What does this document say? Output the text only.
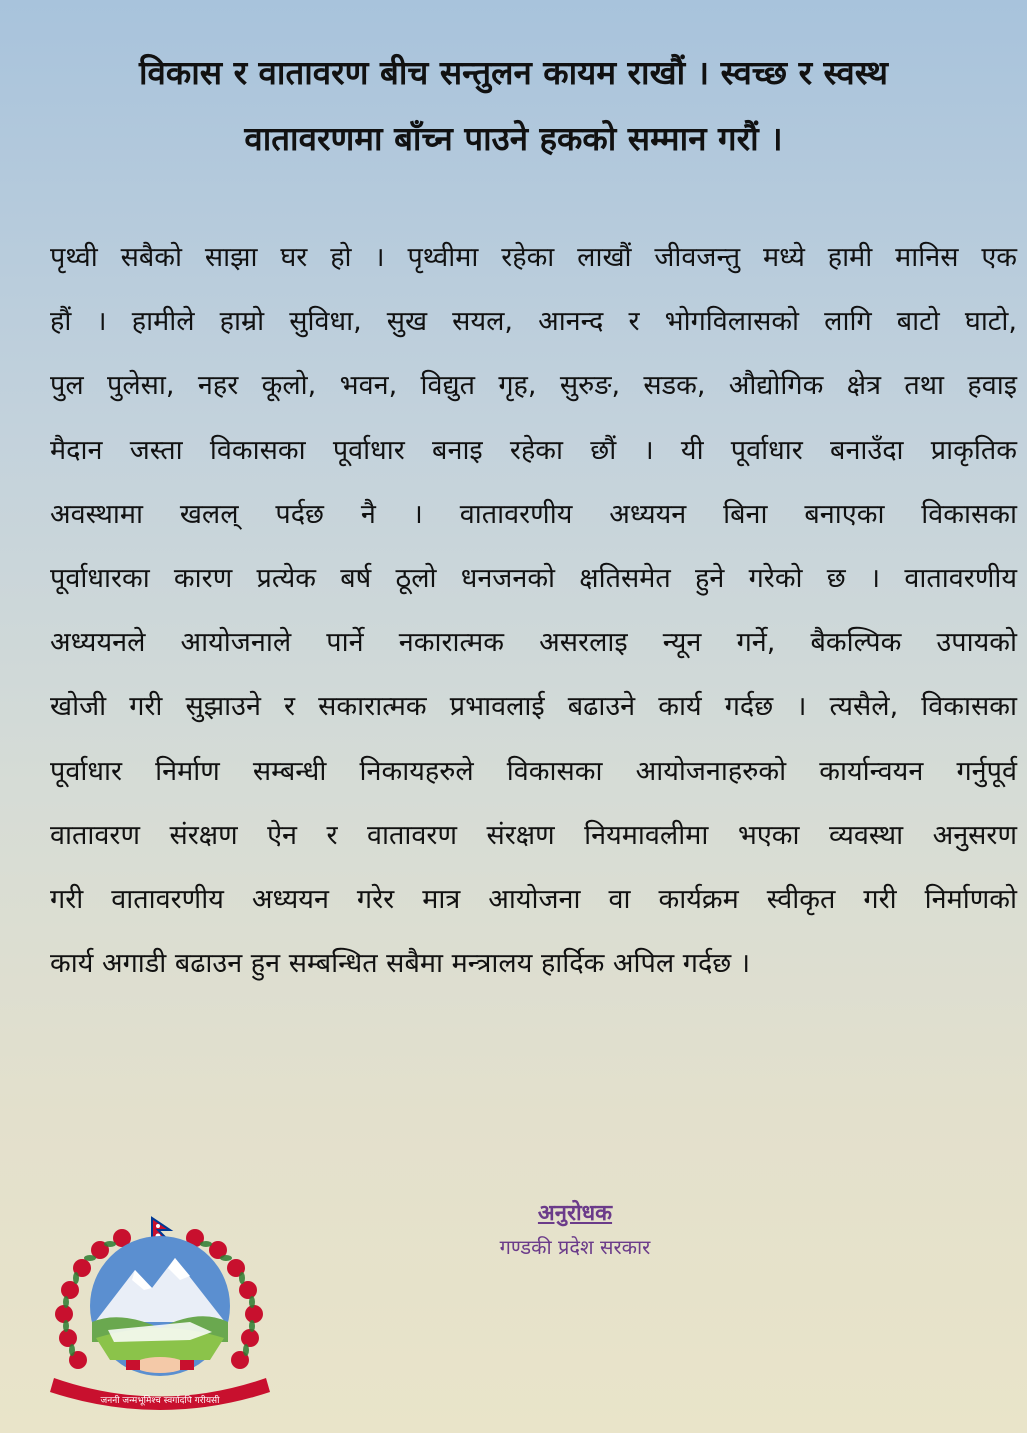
विकास र वातावरण बीच सन्तुलन कायम राखौं । स्वच्छ र स्वस्थ
वातावरणमा बाँच्न पाउने हकको सम्मान गरौं ।
पृथ्वी सबैको साझा घर हो । पृथ्वीमा रहेका लाखौं जीवजन्तु मध्ये हामी मानिस एक
हौं । हामीले हाम्रो सुविधा, सुख सयल, आनन्द र भोगविलासको लागि बाटो घाटो,
पुल पुलेसा, नहर कूलो, भवन, विद्युत गृह, सुरुङ, सडक, औद्योगिक क्षेत्र तथा हवाइ
मैदान जस्ता विकासका पूर्वाधार बनाइ रहेका छौं । यी पूर्वाधार बनाउँदा प्राकृतिक
अवस्थामा खलल् पर्दछ नै । वातावरणीय अध्ययन बिना बनाएका विकासका
पूर्वाधारका कारण प्रत्येक बर्ष ठूलो धनजनको क्षतिसमेत हुने गरेको छ । वातावरणीय
अध्ययनले आयोजनाले पार्ने नकारात्मक असरलाइ न्यून गर्ने, बैकल्पिक उपायको
खोजी गरी सुझाउने र सकारात्मक प्रभावलाई बढाउने कार्य गर्दछ । त्यसैले, विकासका
पूर्वाधार निर्माण सम्बन्धी निकायहरुले विकासका आयोजनाहरुको कार्यान्वयन गर्नुपूर्व
वातावरण संरक्षण ऐन र वातावरण संरक्षण नियमावलीमा भएका व्यवस्था अनुसरण
गरी वातावरणीय अध्ययन गरेर मात्र आयोजना वा कार्यक्रम स्वीकृत गरी निर्माणको
कार्य अगाडी बढाउन हुन सम्बन्धित सबैमा मन्त्रालय हार्दिक अपिल गर्दछ ।
अनुरोधक
गण्डकी प्रदेश सरकार
जननी जन्मभूमिश्च स्वर्गादपि गरीयसी
